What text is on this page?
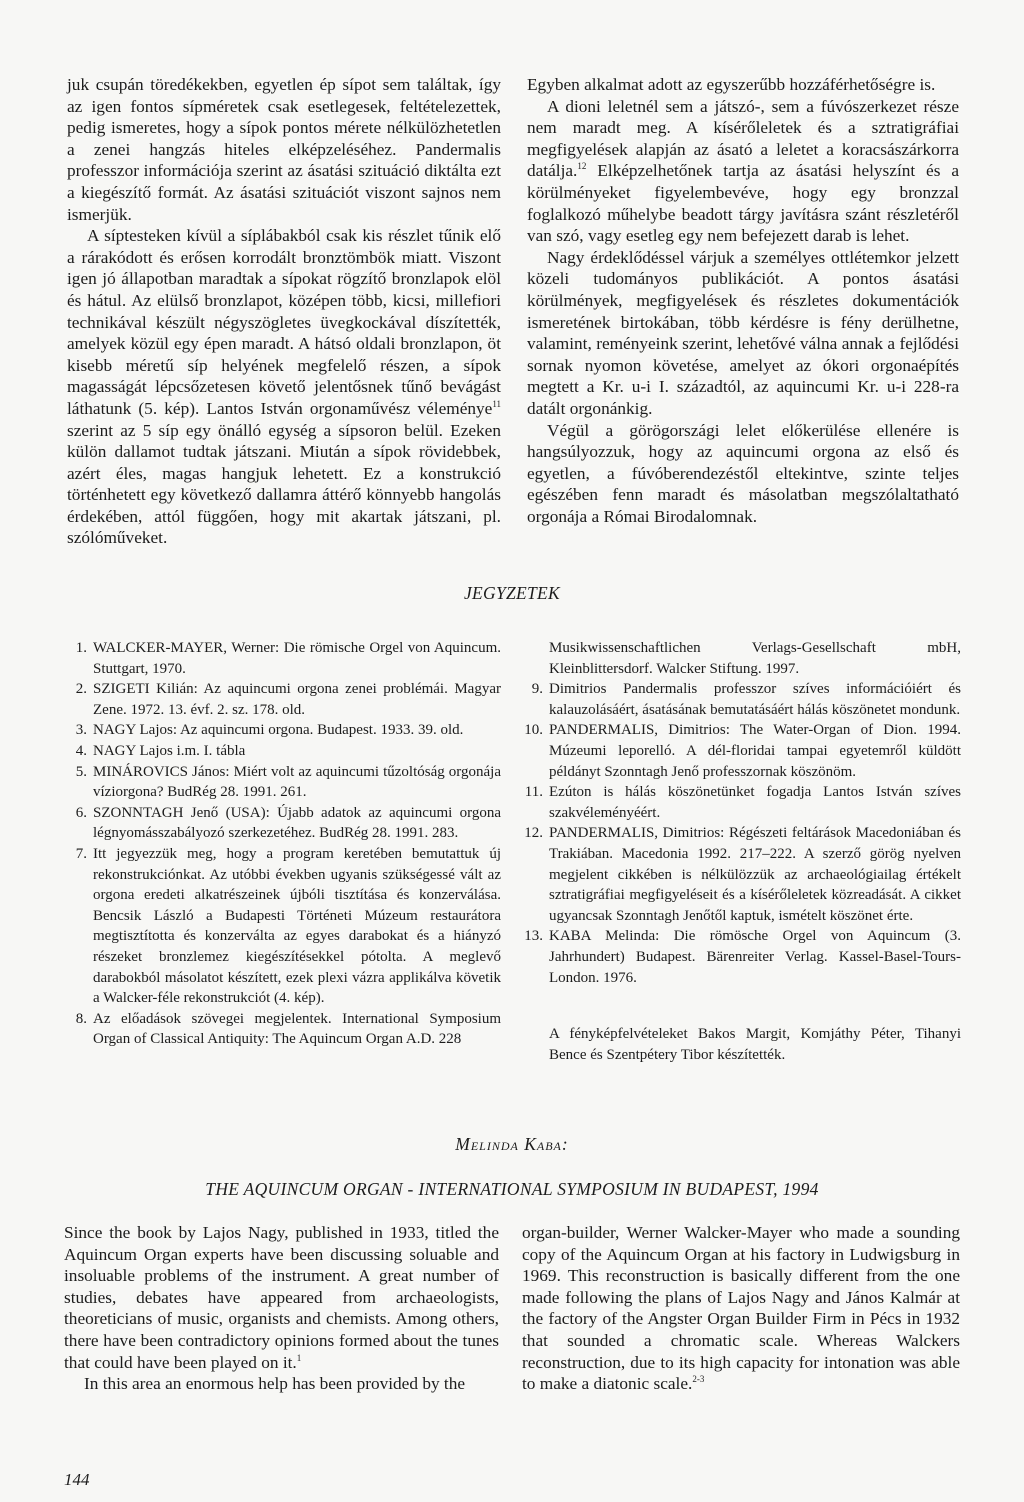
juk csupán töredékekben, egyetlen ép sípot sem találtak, így az igen fontos sípméretek csak esetlegesek, feltételezettek, pedig ismeretes, hogy a sípok pontos mérete nélkülözhetetlen a zenei hangzás hiteles elképzeléséhez. Pandermalis professzor információja szerint az ásatási szituáció diktálta ezt a kiegészítő formát. Az ásatási szituációt viszont sajnos nem ismerjük.

A síptesteken kívül a síplábakból csak kis részlet tűnik elő a rárakódott és erősen korrodált bronztömbök miatt. Viszont igen jó állapotban maradtak a sípokat rögzítő bronzlapok elöl és hátul. Az elülső bronzlapot, középen több, kicsi, millefiori technikával készült négyszögletes üvegkockával díszítették, amelyek közül egy épen maradt. A hátsó oldali bronzlapon, öt kisebb méretű síp helyének megfelelő részen, a sípok magasságát lépcsőzetesen követő jelentősnek tűnő bevágást láthatunk (5. kép). Lantos István orgonaművész véleménye$^{11}$ szerint az 5 síp egy önálló egység a sípsoron belül. Ezeken külön dallamot tudtak játszani. Miután a sípok rövidebbek, azért éles, magas hangjuk lehetett. Ez a konstrukció történhetett egy következő dallamra áttérő könnyebb hangolás érdekében, attól függően, hogy mit akartak játszani, pl. szólóműveket.

Egyben alkalmat adott az egyszerűbb hozzáférhetőségre is.

A dioni leletnél sem a játszó-, sem a fúvószerkezet része nem maradt meg. A kísérőleletek és a sztratigráfiai megfigyelések alapján az ásató a leletet a koracsászárkorra datálja.$^{12}$ Elképzelhetőnek tartja az ásatási helyszínt és a körülményeket figyelembevéve, hogy egy bronzzal foglalkozó műhelybe beadott tárgy javításra szánt részletéről van szó, vagy esetleg egy nem befejezett darab is lehet.

Nagy érdeklődéssel várjuk a személyes ottlétemkor jelzett közeli tudományos publikációt. A pontos ásatási körülmények, megfigyelések és részletes dokumentációk ismeretének birtokában, több kérdésre is fény derülhetne, valamint, reményeink szerint, lehetővé válna annak a fejlődési sornak nyomon követése, amelyet az ókori orgonaépítés megtett a Kr. u-i I. századtól, az aquincumi Kr. u-i 228-ra datált orgonánkig.

Végül a görögországi lelet előkerülése ellenére is hangsúlyozzuk, hogy az aquincumi orgona az első és egyetlen, a fúvóberendezéstől eltekintve, szinte teljes egészében fenn maradt és másolatban megszólaltatható orgonája a Római Birodalomnak.

JEGYZETEK
1. WALCKER-MAYER, Werner: Die römische Orgel von Aquincum. Stuttgart, 1970.
2. SZIGETI Kilián: Az aquincumi orgona zenei problémái. Magyar Zene. 1972. 13. évf. 2. sz. 178. old.
3. NAGY Lajos: Az aquincumi orgona. Budapest. 1933. 39. old.
4. NAGY Lajos i.m. I. tábla
5. MINÁROVICS János: Miért volt az aquincumi tűzoltóság orgonája víziorgona? BudRég 28. 1991. 261.
6. SZONNTAGH Jenő (USA): Újabb adatok az aquincumi orgona légnyomásszabályozó szerkezetéhez. BudRég 28. 1991. 283.
7. Itt jegyezzük meg, hogy a program keretében bemutattuk új rekonstrukciónkat. Az utóbbi években ugyanis szükségessé vált az orgona eredeti alkatrészeinek újbóli tisztítása és konzerválása. Bencsik László a Budapesti Történeti Múzeum restaurátora megtisztította és konzerválta az egyes darabokat és a hiányzó részeket bronzlemez kiegészítésekkel pótolta. A meglevő darabokból másolatot készített, ezek plexi vázra applikálva követik a Walcker-féle rekonstrukciót (4. kép).
8. Az előadások szövegei megjelentek. International Symposium Organ of Classical Antiquity: The Aquincum Organ A.D. 228
Musikwissenschaftlichen Verlags-Gesellschaft mbH, Kleinblittersdorf. Walcker Stiftung. 1997.
9. Dimitrios Pandermalis professzor szíves információiért és kalauzolásáért, ásatásának bemutatásáért hálás köszönetet mondunk.
10. PANDERMALIS, Dimitrios: The Water-Organ of Dion. 1994. Múzeumi leporelló. A dél-floridai tampai egyetemről küldött példányt Szonntagh Jenő professzornak köszönöm.
11. Ezúton is hálás köszönetünket fogadja Lantos István szíves szakvéleményéért.
12. PANDERMALIS, Dimitrios: Régészeti feltárások Macedoniában és Trakiában. Macedonia 1992. 217–222. A szerző görög nyelven megjelent cikkében is nélkülözzük az archaeológiailag értékelt sztratigráfiai megfigyeléseit és a kísérőleletek közreadását. A cikket ugyancsak Szonntagh Jenőtől kaptuk, ismételt köszönet érte.
13. KABA Melinda: Die römösche Orgel von Aquincum (3. Jahrhundert) Budapest. Bärenreiter Verlag. Kassel-Basel-Tours-London. 1976.
A fényképfelvételeket Bakos Margit, Komjáthy Péter, Tihanyi Bence és Szentpétery Tibor készítették.
Melinda Kaba:
THE AQUINCUM ORGAN - INTERNATIONAL SYMPOSIUM IN BUDAPEST, 1994

Since the book by Lajos Nagy, published in 1933, titled the Aquincum Organ experts have been discussing soluable and insoluable problems of the instrument. A great number of studies, debates have appeared from archaeologists, theoreticians of music, organists and chemists. Among others, there have been contradictory opinions formed about the tunes that could have been played on it.$^1$

In this area an enormous help has been provided by the

organ-builder, Werner Walcker-Mayer who made a sounding copy of the Aquincum Organ at his factory in Ludwigsburg in 1969. This reconstruction is basically different from the one made following the plans of Lajos Nagy and János Kalmár at the factory of the Angster Organ Builder Firm in Pécs in 1932 that sounded a chromatic scale. Whereas Walckers reconstruction, due to its high capacity for intonation was able to make a diatonic scale.$^{2-3}$

144
